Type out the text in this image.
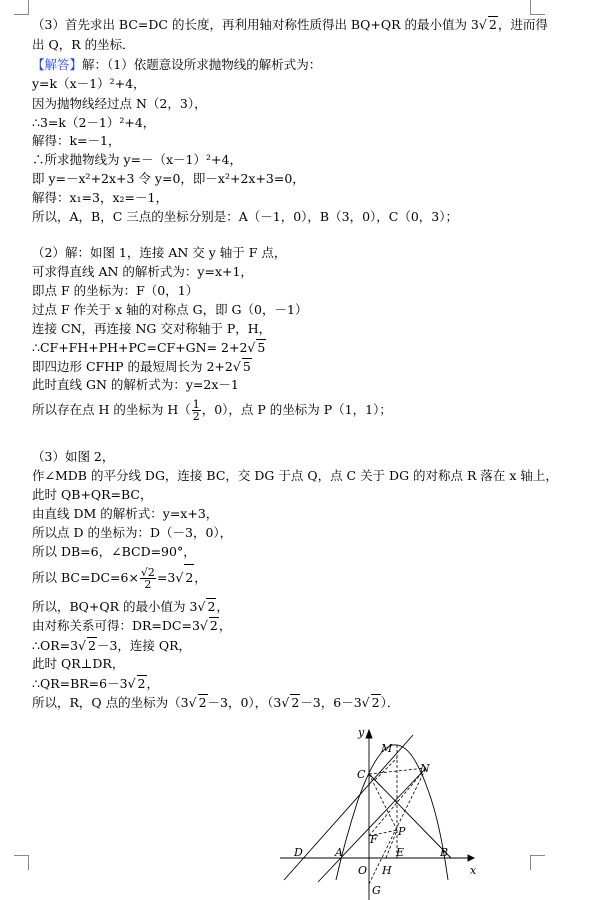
（3）首先求出 BC=DC 的长度，再利用轴对称性质得出 BQ+QR 的最小值为 3√ 2，进而得
出 Q，R 的坐标．
【解答】解：（1）依题意设所求抛物线的解析式为：
y=k（x－1）²+4，
因为抛物线经过点 N（2，3），
∴3=k（2－1）²+4，
解得：k=－1，
∴所求抛物线为 y=－（x－1）²+4，
即 y=－x²+2x+3 令 y=0，即－x²+2x+3=0，
解得：x₁=3，x₂=－1，
所以，A，B，C 三点的坐标分别是：A（－1，0），B（3，0），C（0，3）；
（2）解：如图 1，连接 AN 交 y 轴于 F 点，
可求得直线 AN 的解析式为：y=x+1，
即点 F 的坐标为：F（0，1）
过点 F 作关于 x 轴的对称点 G，即 G（0，－1）
连接 CN，再连接 NG 交对称轴于 P，H，
∴CF+FH+PH+PC=CF+GN= 2+2√ 5
即四边形 CFHP 的最短周长为 2+2√ 5
此时直线 GN 的解析式为：y=2x－1
所以存在点 H 的坐标为 $H( \frac{1}{2}$ ，0），点 P 的坐标为 P（1，1）；
（3）如图 2，
作∠MDB 的平分线 DG，连接 BC，交 DG 于点 Q，点 C 关于 DG 的对称点 R 落在 x 轴上，
此时 QB+QR=BC，
由直线 DM 的解析式：y=x+3，
所以点 D 的坐标为：D（－3，0），
所以 DB=6，∠BCD=90°，
所以 $BC=DC=6\times \frac{√2}{2} =3√$ 2，
所以，BQ+QR 的最小值为 3√ 2，
由对称关系可得：DR=DC=3√ 2，
∴OR=3√ 2－3，连接 QR，
此时 QR⊥DR，
∴QR=BR=6－3√ 2，
所以，R，Q 点的坐标为（3√ 2－3，0），（3√ 2－3，6－3√ 2）．
y
x
M
N
C
F
P
D	A	E	B
O H
G
